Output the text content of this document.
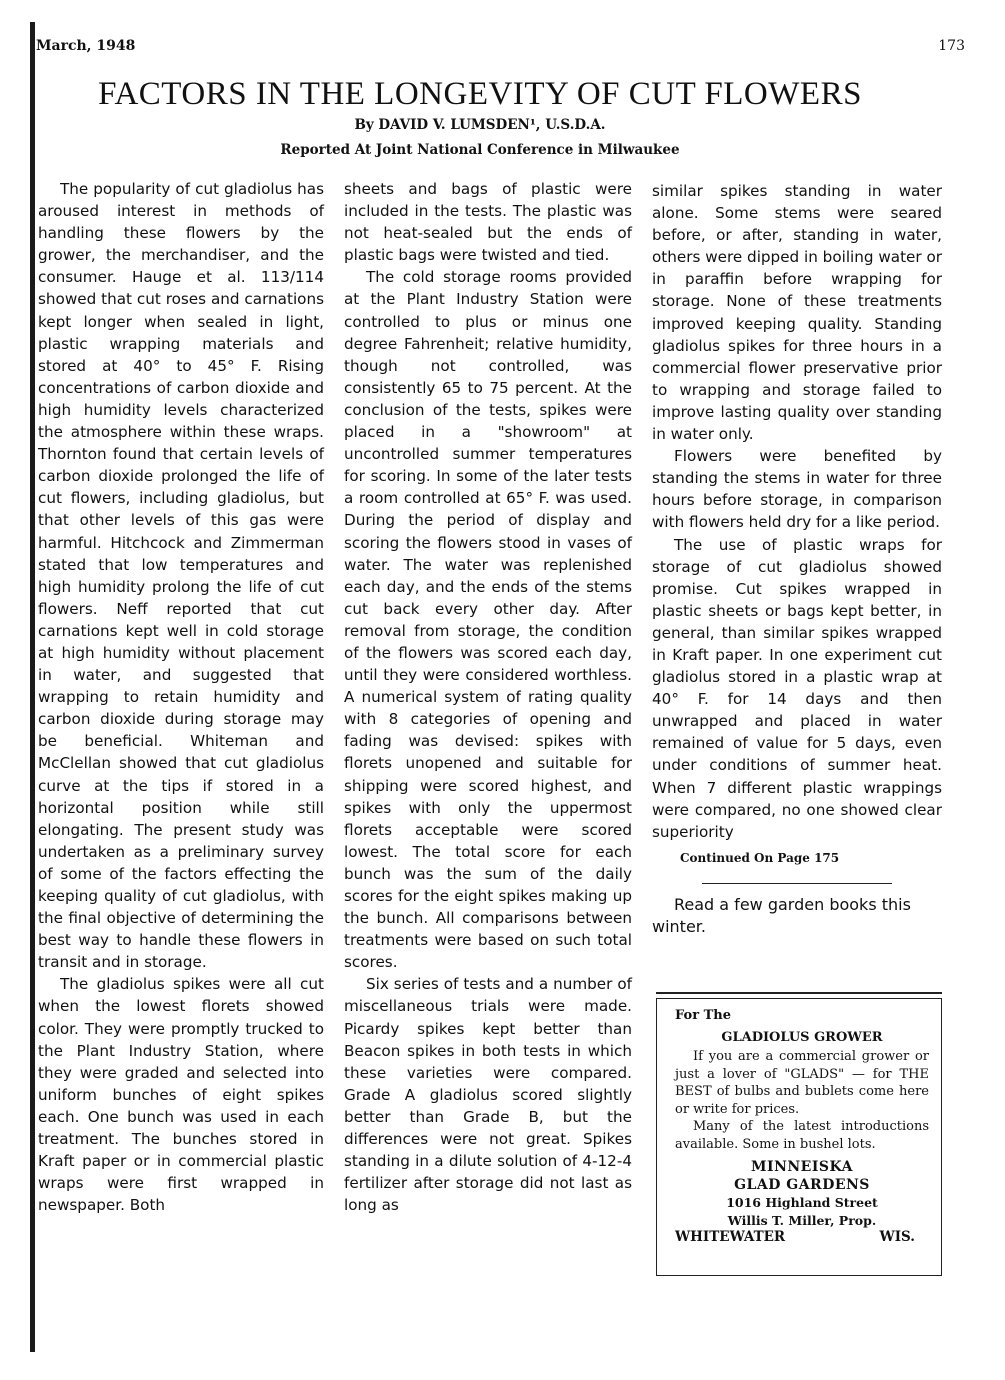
March, 1948	173
FACTORS IN THE LONGEVITY OF CUT FLOWERS
By DAVID V. LUMSDEN¹, U.S.D.A.
Reported At Joint National Conference in Milwaukee

The popularity of cut gladiolus has aroused interest in methods of handling these flowers by the grower, the merchandiser, and the consumer. Hauge et al. 113/114 showed that cut roses and carnations kept longer when sealed in light, plastic wrapping materials and stored at 40° to 45° F. Rising concentrations of carbon dioxide and high humidity levels characterized the atmosphere within these wraps. Thornton found that certain levels of carbon dioxide prolonged the life of cut flowers, including gladiolus, but that other levels of this gas were harmful. Hitchcock and Zimmerman stated that low temperatures and high humidity prolong the life of cut flowers. Neff reported that cut carnations kept well in cold storage at high humidity without placement in water, and suggested that wrapping to retain humidity and carbon dioxide during storage may be beneficial. Whiteman and McClellan showed that cut gladiolus curve at the tips if stored in a horizontal position while still elongating. The present study was undertaken as a preliminary survey of some of the factors effecting the keeping quality of cut gladiolus, with the final objective of determining the best way to handle these flowers in transit and in storage.

The gladiolus spikes were all cut when the lowest florets showed color. They were promptly trucked to the Plant Industry Station, where they were graded and selected into uniform bunches of eight spikes each. One bunch was used in each treatment. The bunches stored in Kraft paper or in commercial plastic wraps were first wrapped in newspaper. Both

sheets and bags of plastic were included in the tests. The plastic was not heat-sealed but the ends of plastic bags were twisted and tied.

The cold storage rooms provided at the Plant Industry Station were controlled to plus or minus one degree Fahrenheit; relative humidity, though not controlled, was consistently 65 to 75 percent. At the conclusion of the tests, spikes were placed in a "showroom" at uncontrolled summer temperatures for scoring. In some of the later tests a room controlled at 65° F. was used. During the period of display and scoring the flowers stood in vases of water. The water was replenished each day, and the ends of the stems cut back every other day. After removal from storage, the condition of the flowers was scored each day, until they were considered worthless. A numerical system of rating quality with 8 categories of opening and fading was devised: spikes with florets unopened and suitable for shipping were scored highest, and spikes with only the uppermost florets acceptable were scored lowest. The total score for each bunch was the sum of the daily scores for the eight spikes making up the bunch. All comparisons between treatments were based on such total scores.

Six series of tests and a number of miscellaneous trials were made. Picardy spikes kept better than Beacon spikes in both tests in which these varieties were compared. Grade A gladiolus scored slightly better than Grade B, but the differences were not great. Spikes standing in a dilute solution of 4-12-4 fertilizer after storage did not last as long as

similar spikes standing in water alone. Some stems were seared before, or after, standing in water, others were dipped in boiling water or in paraffin before wrapping for storage. None of these treatments improved keeping quality. Standing gladiolus spikes for three hours in a commercial flower preservative prior to wrapping and storage failed to improve lasting quality over standing in water only.

Flowers were benefited by standing the stems in water for three hours before storage, in comparison with flowers held dry for a like period.

The use of plastic wraps for storage of cut gladiolus showed promise. Cut spikes wrapped in plastic sheets or bags kept better, in general, than similar spikes wrapped in Kraft paper. In one experiment cut gladiolus stored in a plastic wrap at 40° F. for 14 days and then unwrapped and placed in water remained of value for 5 days, even under conditions of summer heat. When 7 different plastic wrappings were compared, no one showed clear superiority

Continued On Page 175

Read a few garden books this winter.

For The
GLADIOLUS GROWER
If you are a commercial grower or just a lover of "GLADS" — for THE BEST of bulbs and bublets come here or write for prices.
Many of the latest introductions available. Some in bushel lots.
MINNEISKA
GLAD GARDENS
1016 Highland Street
Willis T. Miller, Prop.
WHITEWATER	WIS.
